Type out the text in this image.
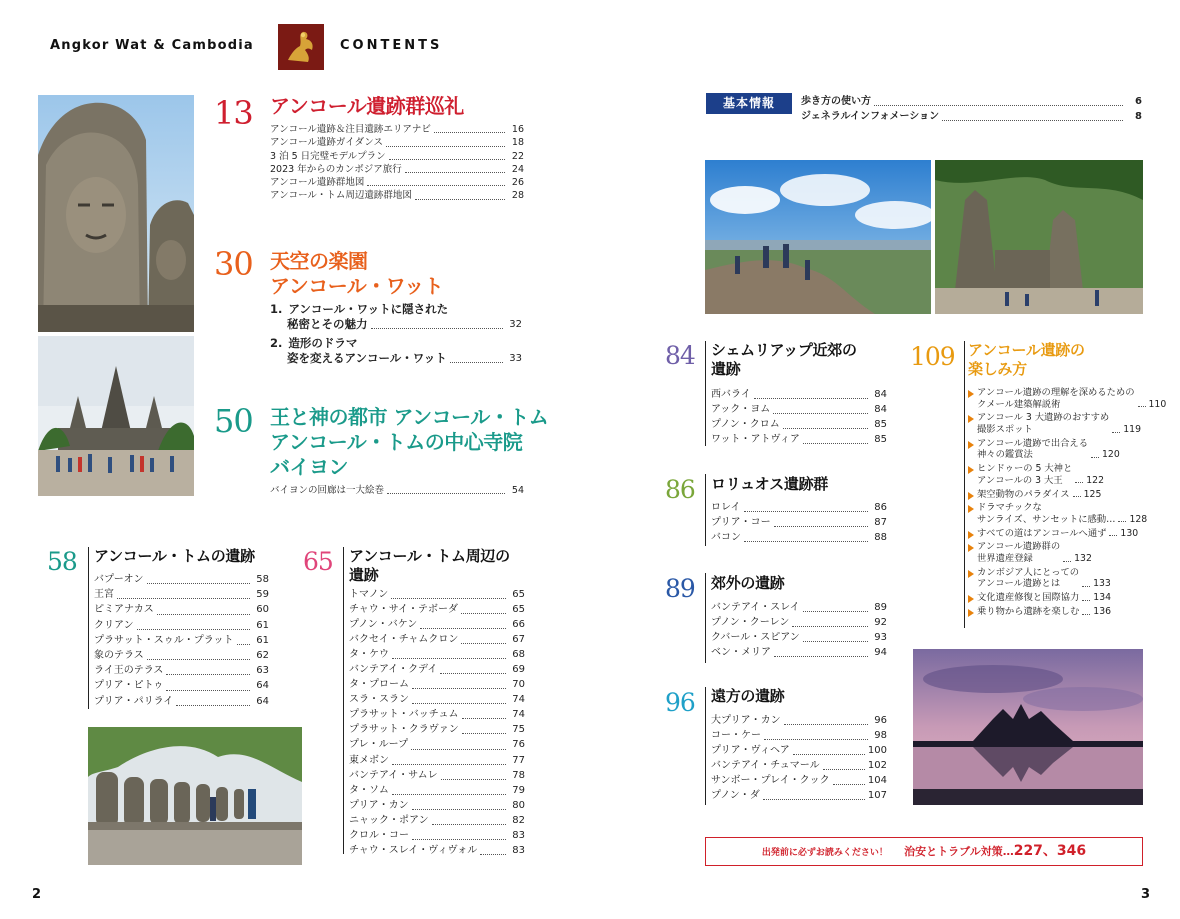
Angkor Wat & Cambodia	CONTENTS
13 アンコール遺跡群巡礼
アンコール遺跡＆注目遺跡エリアナビ	16
アンコール遺跡ガイダンス	18
3 泊 5 日完璧モデルプラン	22
2023 年からのカンボジア旅行	24
アンコール遺跡群地図	26
アンコール・トム周辺遺跡群地図	28
30 天空の楽園
アンコール・ワット
1. アンコール・ワットに隠された
秘密とその魅力	32
2. 造形のドラマ
姿を変えるアンコール・ワット	33
50 王と神の都市 アンコール・トム
アンコール・トムの中心寺院
バイヨン
バイヨンの回廊は一大絵巻	54
58 アンコール・トムの遺跡
バプーオン	58
王宮	59
ピミアナカス	60
クリアン	61
プラサット・スゥル・プラット	61
象のテラス	62
ライ王のテラス	63
プリア・ピトゥ	64
プリア・パリライ	64
65 アンコール・トム周辺の
遺跡
トマノン	65
チャウ・サイ・テボーダ	65
プノン・バケン	66
バクセイ・チャムクロン	67
タ・ケウ	68
バンテアイ・クデイ	69
タ・プローム	70
スラ・スラン	74
プラサット・バッチュム	74
プラサット・クラヴァン	75
プレ・ループ	76
東メボン	77
バンテアイ・サムレ	78
タ・ソム	79
プリア・カン	80
ニャック・ポアン	82
クロル・コー	83
チャウ・スレイ・ヴィヴォル	83
基本情報	歩き方の使い方	6
ジェネラルインフォメーション	8
84 シェムリアップ近郊の
遺跡
西バライ	84
アック・ヨム	84
プノン・クロム	85
ワット・アトヴィア	85
86 ロリュオス遺跡群
ロレイ	86
プリア・コー	87
バコン	88
89 郊外の遺跡
バンテアイ・スレイ	89
プノン・クーレン	92
クバール・スピアン	93
ベン・メリア	94
96 遠方の遺跡
大プリア・カン	96
コー・ケー	98
プリア・ヴィヘア	100
バンテアイ・チュマール	102
サンボー・プレイ・クック	104
プノン・ダ	107
109 アンコール遺跡の
楽しみ方
アンコール遺跡の理解を深めるための
クメール建築解説術	110
アンコール 3 大遺跡のおすすめ
撮影スポット	119
アンコール遺跡で出合える
神々の鑑賞法	120
ヒンドゥーの 5 大神と
アンコールの 3 大王	122
架空動物のパラダイス 125
ドラマチックな
サンライズ、サンセットに感動… 128
すべての道はアンコールへ通ず 130
アンコール遺跡群の
世界遺産登録	132
カンボジア人にとっての
アンコール遺跡とは	133
文化遺産修復と国際協力 134
乗り物から遺跡を楽しむ 136
出発前に必ずお読みください！ 治安とトラブル対策…227、346
2	3
